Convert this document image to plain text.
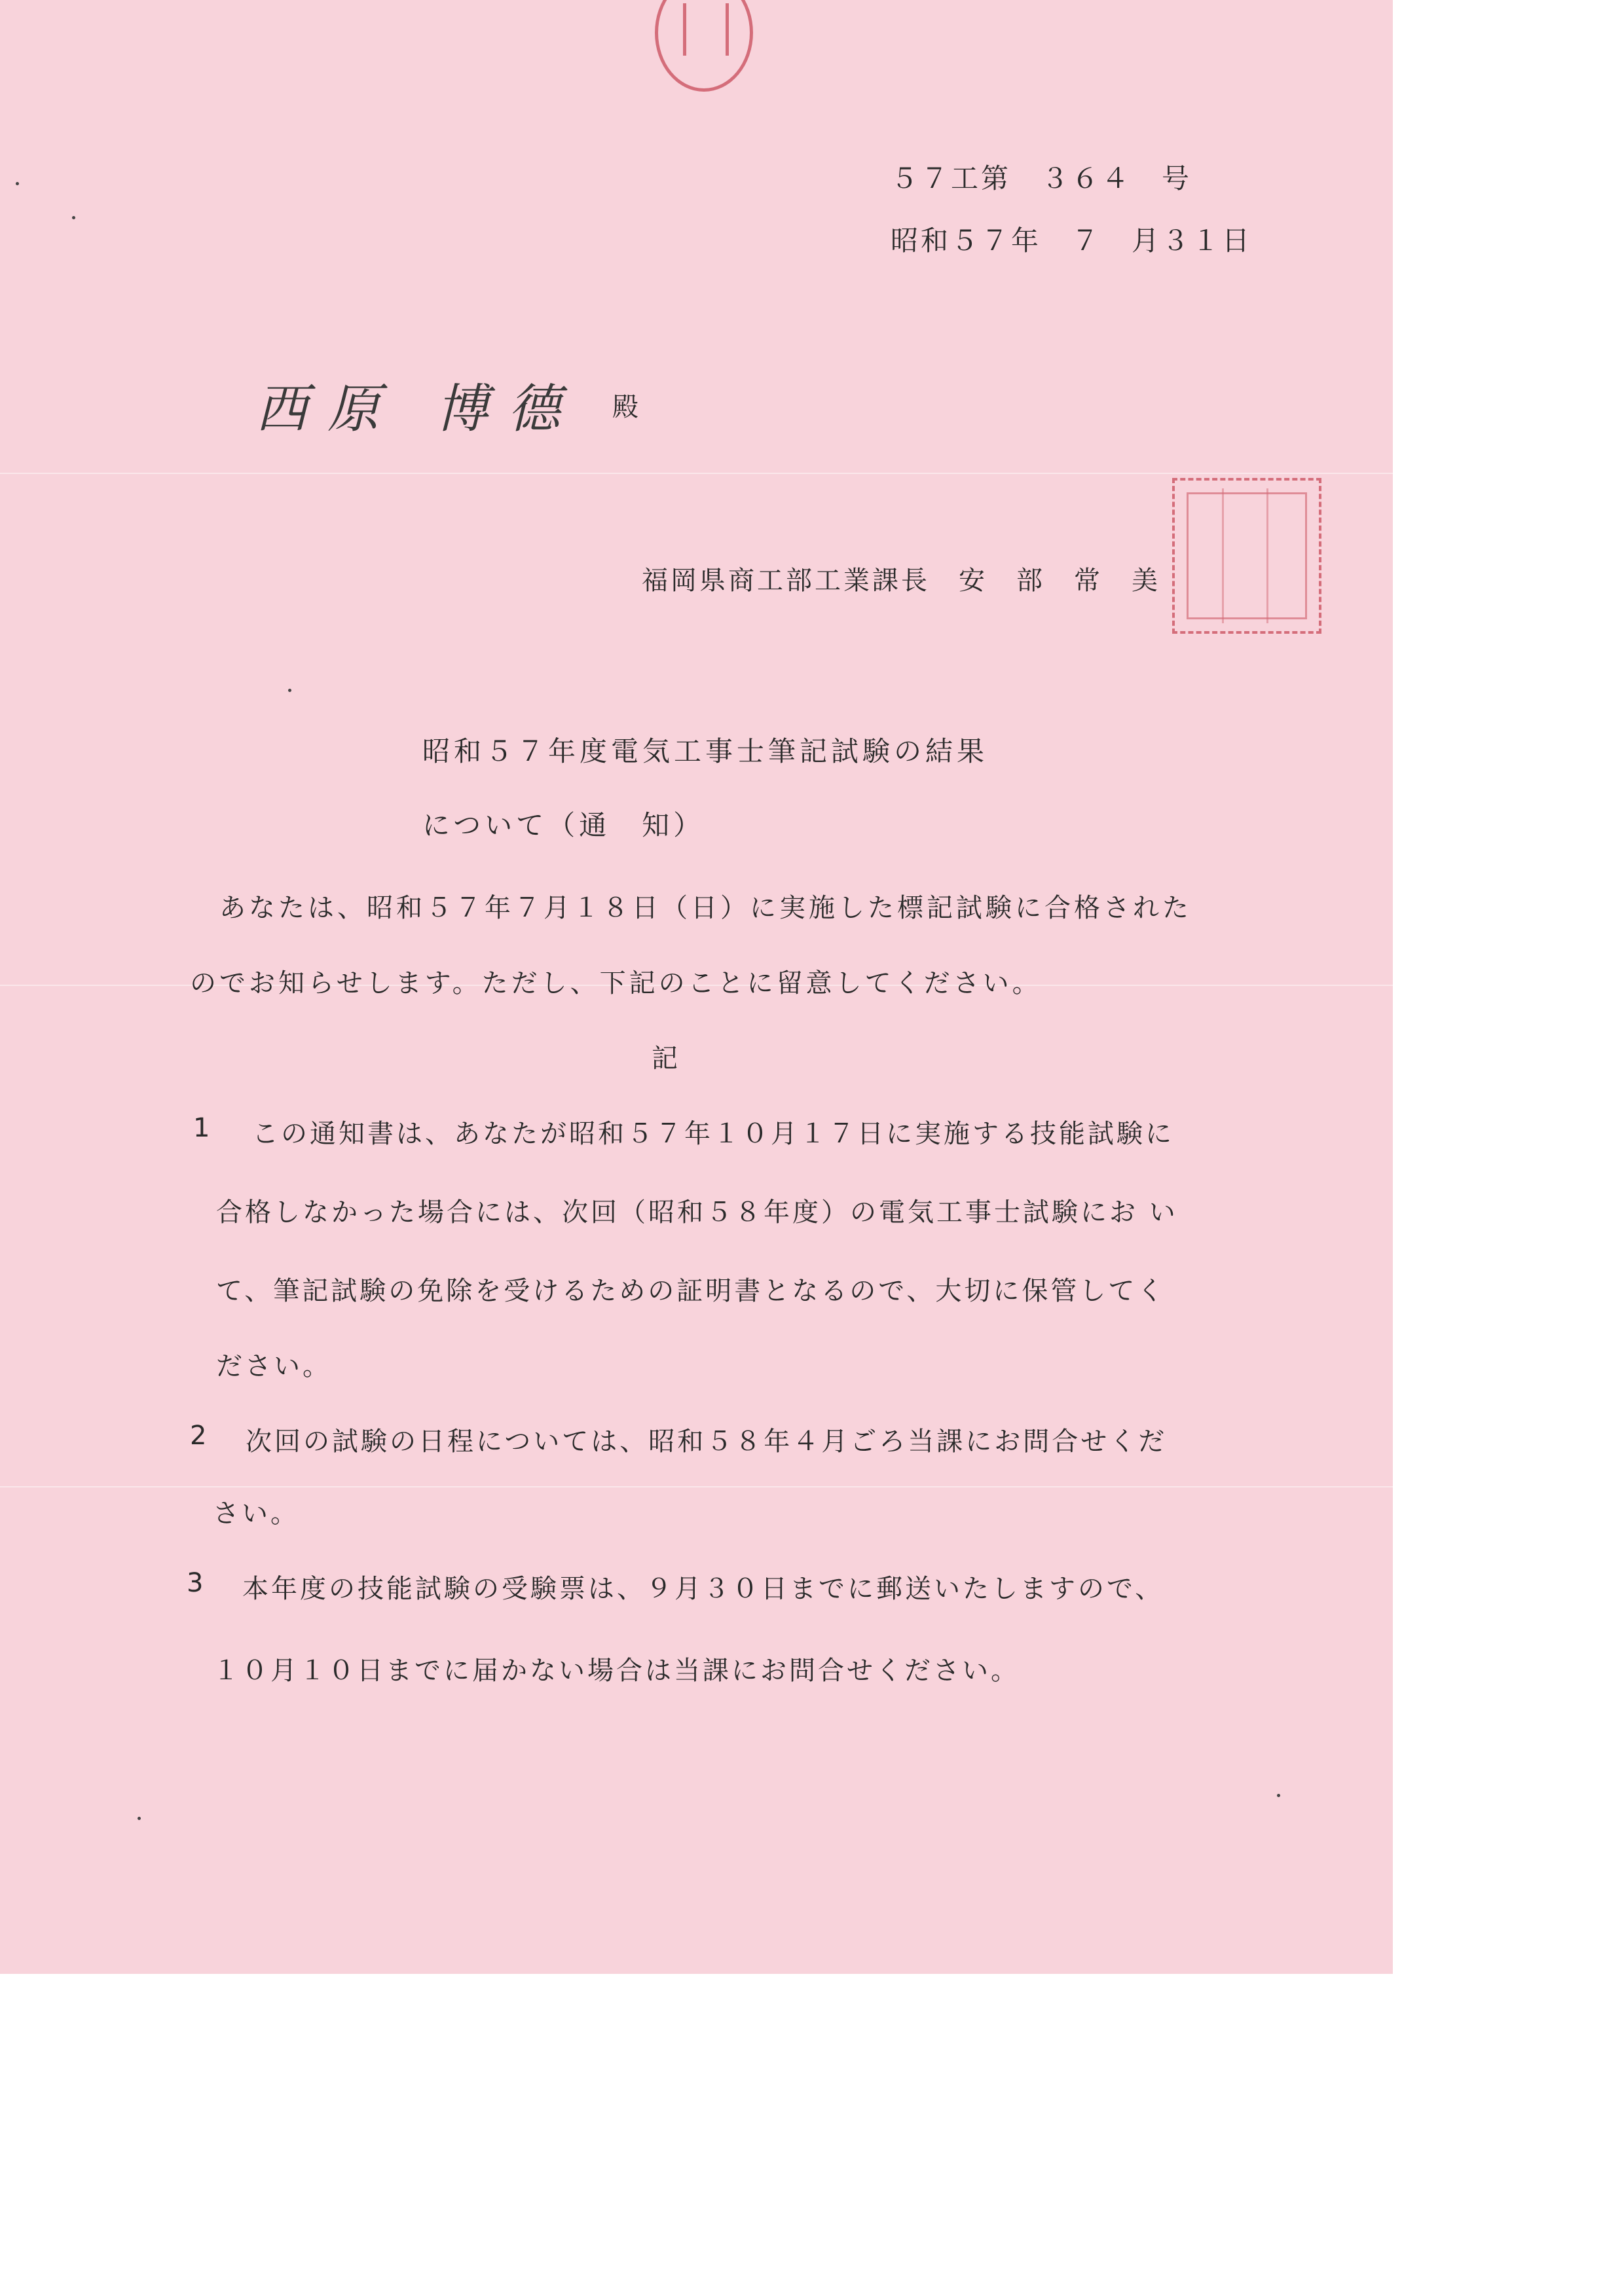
５７工第　３６４　号
昭和５７年　７　月３１日
西原 博德 殿
福岡県商工部工業課長　安　部　常　美
昭和５７年度電気工事士筆記試験の結果
について（通　知）
あなたは、昭和５７年７月１８日（日）に実施した標記試験に合格された
のでお知らせします。ただし、下記のことに留意してください。
記
1 この通知書は、あなたが昭和５７年１０月１７日に実施する技能試験に
合格しなかった場合には、次回（昭和５８年度）の電気工事士試験にお い
て、筆記試験の免除を受けるための証明書となるので、大切に保管してく
ださい。
2 次回の試験の日程については、昭和５８年４月ごろ当課にお問合せくだ
さい。
3 本年度の技能試験の受験票は、９月３０日までに郵送いたしますので、
１０月１０日までに届かない場合は当課にお問合せください。
